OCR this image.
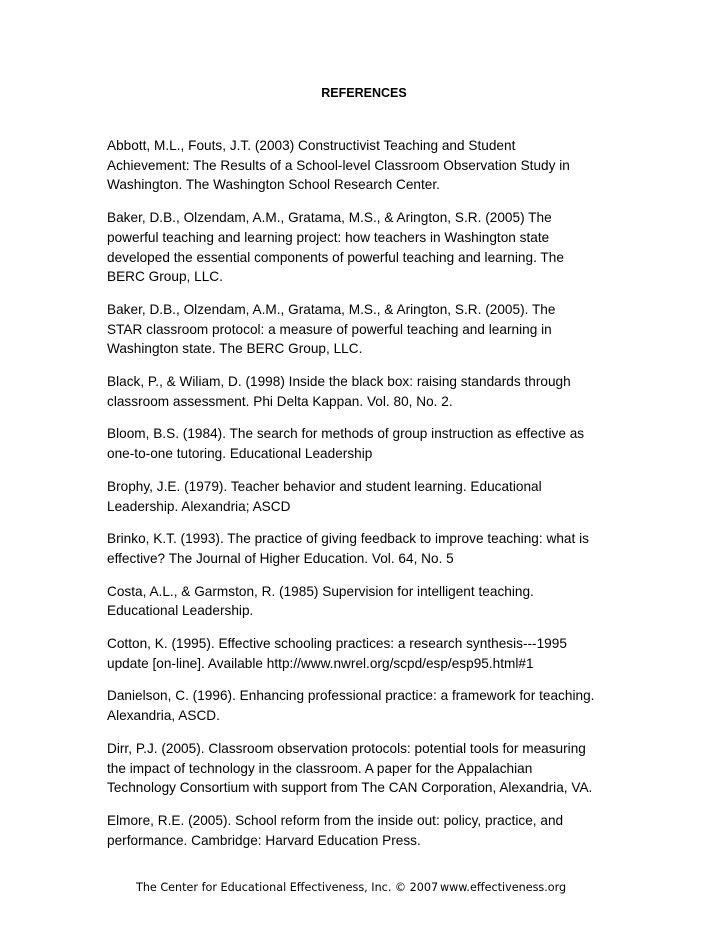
REFERENCES

Abbott, M.L., Fouts, J.T. (2003) Constructivist Teaching and Student
Achievement: The Results of a School-level Classroom Observation Study in
Washington. The Washington School Research Center.

Baker, D.B., Olzendam, A.M., Gratama, M.S., & Arington, S.R. (2005) The
powerful teaching and learning project: how teachers in Washington state
developed the essential components of powerful teaching and learning. The
BERC Group, LLC.

Baker, D.B., Olzendam, A.M., Gratama, M.S., & Arington, S.R. (2005). The
STAR classroom protocol: a measure of powerful teaching and learning in
Washington state. The BERC Group, LLC.

Black, P., & Wiliam, D. (1998) Inside the black box: raising standards through
classroom assessment. Phi Delta Kappan. Vol. 80, No. 2.

Bloom, B.S. (1984). The search for methods of group instruction as effective as
one-to-one tutoring. Educational Leadership

Brophy, J.E. (1979). Teacher behavior and student learning. Educational
Leadership. Alexandria; ASCD

Brinko, K.T. (1993). The practice of giving feedback to improve teaching: what is
effective? The Journal of Higher Education. Vol. 64, No. 5

Costa, A.L., & Garmston, R. (1985) Supervision for intelligent teaching.
Educational Leadership.

Cotton, K. (1995). Effective schooling practices: a research synthesis---1995
update [on-line]. Available http://www.nwrel.org/scpd/esp/esp95.html#1

Danielson, C. (1996). Enhancing professional practice: a framework for teaching.
Alexandria, ASCD.

Dirr, P.J. (2005). Classroom observation protocols: potential tools for measuring
the impact of technology in the classroom. A paper for the Appalachian
Technology Consortium with support from The CAN Corporation, Alexandria, VA.

Elmore, R.E. (2005). School reform from the inside out: policy, practice, and
performance. Cambridge: Harvard Education Press.

The Center for Educational Effectiveness, Inc. © 2007 www.effectiveness.org
